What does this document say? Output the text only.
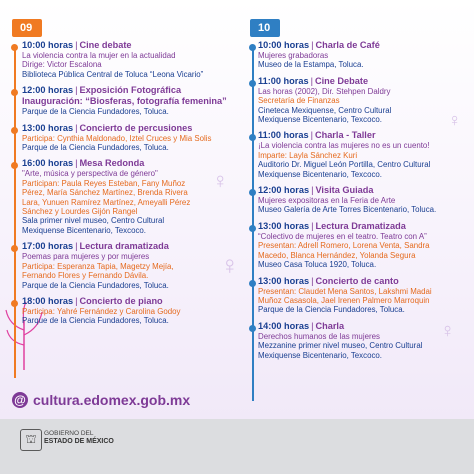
♀
♀
♀
♀
09
10:00 horas | Cine debate
La violencia contra la mujer en la actualidad
Dirige: Victor Escalona
Biblioteca Pública Central de Toluca “Leona Vicario”
12:00 horas | Exposición Fotográfica
Inauguración: “Biosferas, fotografía femenina”
Parque de la Ciencia Fundadores, Toluca.
13:00 horas | Concierto de percusiones
Participa: Cynthia Maldonado, Iztel Cruces y Mia Solis
Parque de la Ciencia Fundadores, Toluca.
16:00 horas | Mesa Redonda
"Arte, música y perspectiva de género"
Participan: Paula Reyes Esteban, Fany Muñoz
Pérez, María Sánchez Martínez, Brenda Rivera
Lara, Yunuen Ramírez Martínez, Ameyalli Pérez
Sánchez y Lourdes Gijón Rangel
Sala primer nivel museo, Centro Cultural
Mexiquense Bicentenario, Texcoco.
17:00 horas | Lectura dramatizada
Poemas para mujeres y por mujeres
Participa: Esperanza Tapia, Magetzy Mejía,
Fernando Flores y Fernando Dávila.
Parque de la Ciencia Fundadores, Toluca.
18:00 horas | Concierto de piano
Participa: Yahré Fernández y Carolina Godoy
Parque de la Ciencia Fundadores, Toluca.
10
10:00 horas | Charla de Café
Mujeres grabadoras
Museo de la Estampa, Toluca.
11:00 horas | Cine Debate
Las horas (2002), Dir. Stehpen Daldry
Secretaría de Finanzas
Cineteca Mexiquense, Centro Cultural
Mexiquense Bicentenario, Texcoco.
11:00 horas | Charla - Taller
¡La violencia contra las mujeres no es un cuento!
Imparte: Layla Sánchez Kuri
Auditorio Dr. Miguel León Portilla, Centro Cultural
Mexiquense Bicentenario, Texcoco.
12:00 horas | Visita Guiada
Mujeres expositoras en la Feria de Arte
Museo Galería de Arte Torres Bicentenario, Toluca.
13:00 horas | Lectura Dramatizada
“Colectivo de mujeres en el teatro. Teatro con A”
Presentan: Adrell Romero, Lorena Venta, Sandra
Macedo, Blanca Hernández, Yolanda Segura
Museo Casa Toluca 1920, Toluca.
13:00 horas | Concierto de canto
Presentan: Claudet Mena Santos, Lakshmi Madai
Muñoz Casasola, Jael Irenen Palmero Marroquin
Parque de la Ciencia Fundadores, Toluca.
14:00 horas | Charla
Derechos humanos de las mujeres
Mezzanine primer nivel museo, Centro Cultural
Mexiquense Bicentenario, Texcoco.
@ cultura.edomex.gob.mx
⛫	GOBIERNO DEL
ESTADO DE MÉXICO
